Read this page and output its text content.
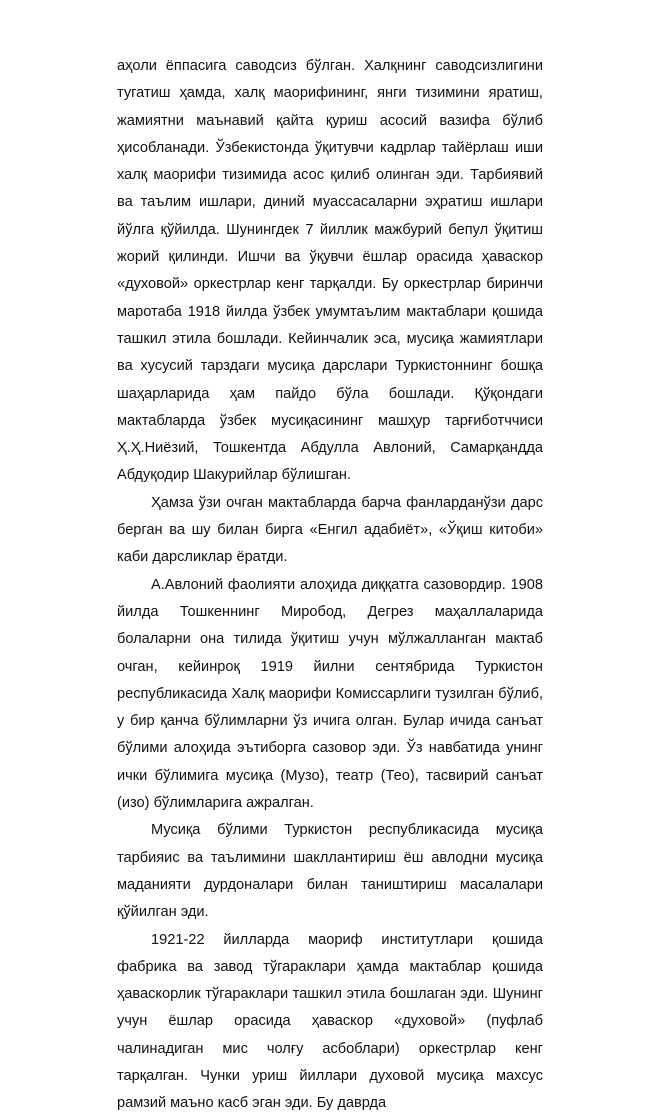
аҳоли ёппасига саводсиз бўлган. Халқнинг саводсизлигини тугатиш ҳамда, халқ маорифининг, янги тизимини яратиш, жамиятни маънавий қайта қуриш асосий вазифа бўлиб ҳисобланади. Ўзбекистонда ўқитувчи кадрлар тайёрлаш иши халқ маорифи тизимида асос қилиб олинган эди. Тарбиявий ва таълим ишлари, диний муассасаларни эҳратиш ишлари йўлга қўйилда. Шунингдек 7 йиллик мажбурий бепул ўқитиш жорий қилинди. Ишчи ва ўқувчи ёшлар орасида ҳаваскор «духовой» оркестрлар кенг тарқалди. Бу оркестрлар биринчи маротаба 1918 йилда ўзбек умумтаълим мактаблари қошида ташкил этила бошлади. Кейинчалик эса, мусиқа жамиятлари ва хусусий тарздаги мусиқа дарслари Туркистоннинг бошқа шаҳарларида ҳам пайдо бўла бошлади. Қўқондаги мактабларда ўзбек мусиқасининг машҳур тарғиботччиси Ҳ.Ҳ.Ниёзий, Тошкентда Абдулла Авлоний, Самарқандда Абдуқодир Шакурийлар бўлишган.

Ҳамза ўзи очган мактабларда барча фанларданўзи дарс берган ва шу билан бирга «Енгил адабиёт», «Ўқиш китоби» каби дарсликлар ёратди.

А.Авлоний фаолияти алоҳида диққатга сазовордир. 1908 йилда Тошкеннинг Миробод, Дегрез маҳаллаларида болаларни она тилида ўқитиш учун мўлжалланган мактаб очган, кейинроқ 1919 йилни сентябрида Туркистон республикасида Халқ маорифи Комиссарлиги тузилган бўлиб, у бир қанча бўлимларни ўз ичига олган. Булар ичида санъат бўлими алоҳида эътиборга сазовор эди. Ўз навбатида унинг ички бўлимига мусиқа (Музо), театр (Тео), тасвирий санъат (изо) бўлимларига ажралган.

Мусиқа бўлими Туркистон республикасида мусиқа тарбияис ва таълимини шакллантириш ёш авлодни мусиқа маданияти дурдоналари билан таништириш масалалари қўйилган эди.

1921-22 йилларда маориф институтлари қошида фабрика ва завод тўгараклари ҳамда мактаблар қошида ҳаваскорлик тўгараклари ташкил этила бошлаган эди. Шунинг учун ёшлар орасида ҳаваскор «духовой» (пуфлаб чалинадиган мис чолғу асбоблари) оркестрлар кенг тарқалган. Чунки уриш йиллари духовой мусиқа махсус рамзий маъно касб эган эди. Бу даврда
